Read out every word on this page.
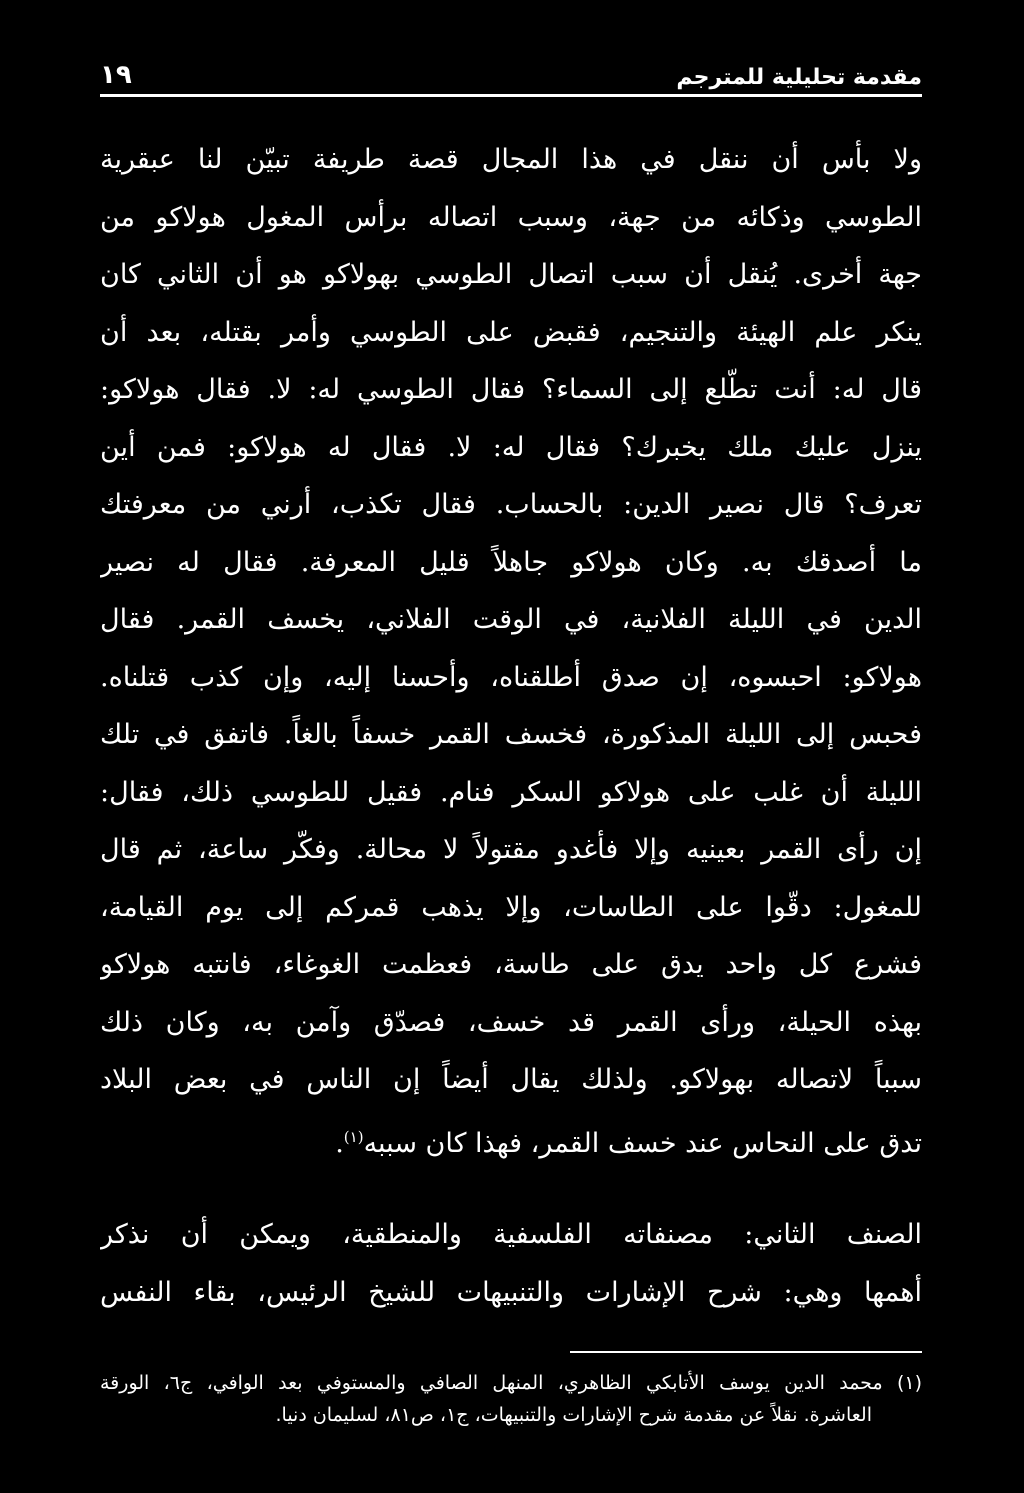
مقدمة تحليلية للمترجم
١٩
ولا بأس أن ننقل في هذا المجال قصة طريفة تبيّن لنا عبقرية
الطوسي وذكائه من جهة، وسبب اتصاله برأس المغول هولاكو من
جهة أخرى. يُنقل أن سبب اتصال الطوسي بهولاكو هو أن الثاني كان
ينكر علم الهيئة والتنجيم، فقبض على الطوسي وأمر بقتله، بعد أن
قال له: أنت تطّلع إلى السماء؟ فقال الطوسي له: لا. فقال هولاكو:
ينزل عليك ملك يخبرك؟ فقال له: لا. فقال له هولاكو: فمن أين
تعرف؟ قال نصير الدين: بالحساب. فقال تكذب، أرني من معرفتك
ما أصدقك به. وكان هولاكو جاهلاً قليل المعرفة. فقال له نصير
الدين في الليلة الفلانية، في الوقت الفلاني، يخسف القمر. فقال
هولاكو: احبسوه، إن صدق أطلقناه، وأحسنا إليه، وإن كذب قتلناه.
فحبس إلى الليلة المذكورة، فخسف القمر خسفاً بالغاً. فاتفق في تلك
الليلة أن غلب على هولاكو السكر فنام. فقيل للطوسي ذلك، فقال:
إن رأى القمر بعينيه وإلا فأغدو مقتولاً لا محالة. وفكّر ساعة، ثم قال
للمغول: دقّوا على الطاسات، وإلا يذهب قمركم إلى يوم القيامة،
فشرع كل واحد يدق على طاسة، فعظمت الغوغاء، فانتبه هولاكو
بهذه الحيلة، ورأى القمر قد خسف، فصدّق وآمن به، وكان ذلك
سبباً لاتصاله بهولاكو. ولذلك يقال أيضاً إن الناس في بعض البلاد
تدق على النحاس عند خسف القمر، فهذا كان سببه$^{(١)}$.
الصنف الثاني: مصنفاته الفلسفية والمنطقية، ويمكن أن نذكر
أهمها وهي: شرح الإشارات والتنبيهات للشيخ الرئيس، بقاء النفس
(١) محمد الدين يوسف الأتابكي الظاهري، المنهل الصافي والمستوفي بعد الوافي، ج٦، الورقة
العاشرة. نقلاً عن مقدمة شرح الإشارات والتنبيهات، ج١، ص٨١، لسليمان دنيا.
